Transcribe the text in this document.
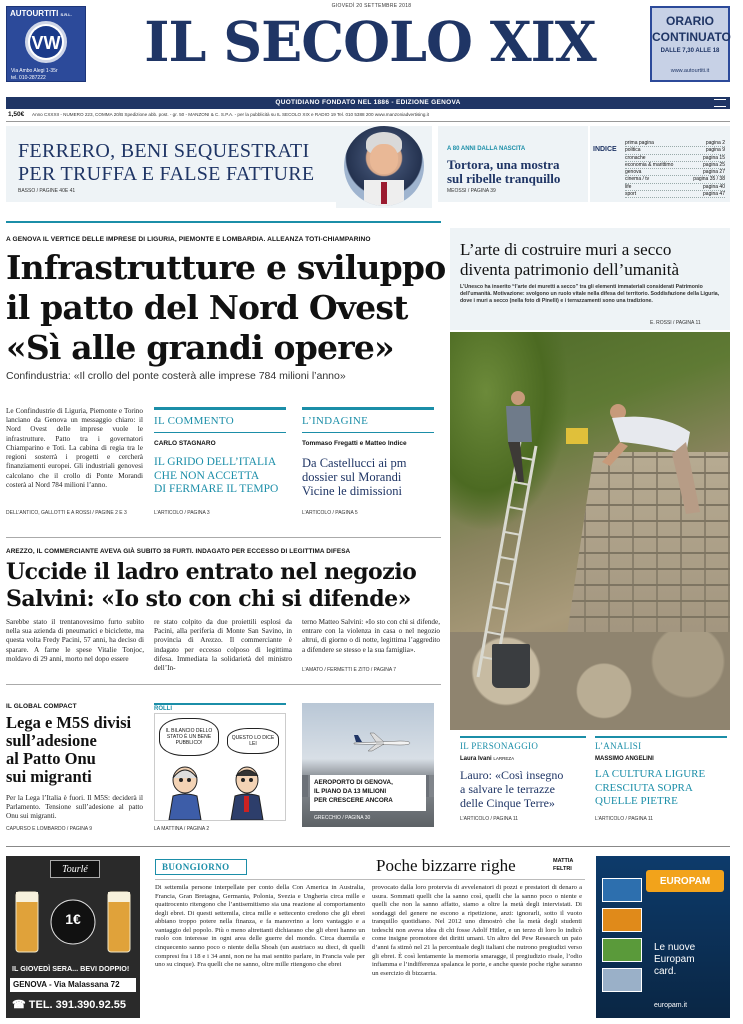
AUTOURTITI S.R.L.
VW
Via Ambo Alegi 1-35r
tel. 010-287222
GIOVEDÌ 20 SETTEMBRE 2018
IL SECOLO XIX	ORARIO
CONTINUATO
DALLE 7,30 ALLE 18
www.autourtiti.it
QUOTIDIANO FONDATO NEL 1886 - EDIZIONE GENOVA
1,50€ Anno CXXXII - NUMERO 223, COMMA 20/B Spedizione abb. post. - gr. 50 - MANZONI & C. S.P.A. - per la pubblicità su IL SECOLO XIX e RADIO 19 Tel. 010 5388 200 www.manzoniadvertising.it
FERRERO, BENI SEQUESTRATI
PER TRUFFA E FALSE FATTURE
BASSO / PAGINE 40E 41
A 80 ANNI DALLA NASCITA
Tortora, una mostra
sul ribelle tranquillo
MEOSSI / PAGINA 39
INDICE
prima pagina	pagina 2
politica	pagina 9
cronache	pagina 15
economia & marittimo	pagina 25
genova	pagina 27
cinema / tv	pagina 35 / 38
life	pagina 40
sport	pagina 47
A GENOVA IL VERTICE DELLE IMPRESE DI LIGURIA, PIEMONTE E LOMBARDIA. ALLEANZA TOTI-CHIAMPARINO
Infrastrutture e sviluppo
il patto del Nord Ovest
«Sì alle grandi opere»
Confindustria: «Il crollo del ponte costerà alle imprese 784 milioni l’anno»
Le Confindustrie di Liguria, Piemonte e Torino lanciano da Genova un messaggio chiaro: il Nord Ovest delle imprese vuole le infrastrutture. Patto tra i governatori Chiamparino e Toti. La cabina di regia tra le regioni sosterrà i progetti e cercherà finanziamenti europei. Gli industriali genovesi calcolano che il crollo di Ponte Morandi costerà al Nord 784 milioni l’anno.
DELL’ANTICO, GALLOTTI E A ROSSI / PAGINE 2 E 3
IL COMMENTO
CARLO STAGNARO
IL GRIDO DELL’ITALIA
CHE NON ACCETTA
DI FERMARE IL TEMPO
L’ARTICOLO / PAGINA 3
L’INDAGINE
Tommaso Fregatti e Matteo Indice
Da Castellucci ai pm
dossier sul Morandi
Vicine le dimissioni
L’ARTICOLO / PAGINA 5
AREZZO, IL COMMERCIANTE AVEVA GIÀ SUBITO 38 FURTI. INDAGATO PER ECCESSO DI LEGITTIMA DIFESA
Uccide il ladro entrato nel negozio
Salvini: «Io sto con chi si difende»
Sarebbe stato il trentanovesimo furto subìto nella sua azienda di pneumatici e biciclette, ma questa volta Fredy Pacini, 57 anni, ha deciso di sparare. A farne le spese Vitalie Tonjoc, moldavo di 29 anni, morto nel dopo essere
re stato colpito da due proiettili esplosi da Pacini, alla periferia di Monte San Savino, in provincia di Arezzo. Il commerciante è indagato per eccesso colposo di legittima difesa. Immediata la solidarietà del ministro dell’In-
terno Matteo Salvini: «Io sto con chi si difende, entrare con la violenza in casa o nel negozio altrui, di giorno o di notte, legittima l’aggredito a difendere se stesso e la sua famiglia».
L’AMATO / FERMETTI E ZITO / PAGINA 7
IL GLOBAL COMPACT
Lega e M5S divisi
sull’adesione
al Patto Onu
sui migranti
Per la Lega l’Italia è fuori. Il M5S: deciderà il Parlamento. Tensione sull’adesione al patto Onu sui migranti.
CAPURSO E LOMBARDO / PAGINA 9
ROLLI
IL BILANCIO DELLO STATO È UN BENE PUBBLICO!
QUESTO LO DICE LEI
LA MATTINA / PAGINA 2
AEROPORTO DI GENOVA,
IL PIANO DA 13 MILIONI
PER CRESCERE ANCORA
GRECCHIO / PAGINA 30
L’arte di costruire muri a secco
diventa patrimonio dell’umanità
L’Unesco ha inserito “l’arte dei muretti a secco” tra gli elementi immateriali considerati Patrimonio dell’umanità. Motivazione: svolgono un ruolo vitale nella difesa del territorio. Soddisfazione della Liguria, dove i muri a secco (nella foto di Pinelli) e i terrazzamenti sono una tradizione.
E. ROSSI / PAGINA 11
IL PERSONAGGIO
Laura Ivani LARREZA
Lauro: «Così insegno
a salvare le terrazze
delle Cinque Terre»
L’ARTICOLO / PAGINA 11
L’ANALISI
MASSIMO ANGELINI
LA CULTURA LIGURE
CRESCIUTA SOPRA
QUELLE PIETRE
L’ARTICOLO / PAGINA 11
Tourlé
1€
IL GIOVEDÌ SERA... BEVI DOPPIO!
GENOVA - Via Malassana 72
☎ TEL. 391.390.92.55
BUONGIORNO	Poche bizzarre righe	MATTIA
FELTRI
Di settemila persone interpellate per conto della Con America in Australia, Francia, Gran Bretagna, Germania, Polonia, Svezia e Ungheria circa mille e quattrocento ritengono che l’antisemitismo sia una reazione al comportamento degli ebrei. Di questi settemila, circa mille e settecento credono che gli ebrei abbiano troppo potere nella finanza, e fa manovrino a loro vantaggio e a vantaggio del popolo. Più o meno altrettanti dichiarano che gli ebrei hanno un ruolo con interesse in ogni area delle guerre del mondo. Circa duemila e cinquecento sanno poco o niente della Shoah (un austriaco su dieci, di quelli compresi fra i 18 e i 34 anni, non ne ha mai sentito parlare, in Francia vale per uno su cinque). Fra quelli che ne sanno, oltre mille ritengono che ebrei
provocato dalla loro protervia di avvelenatori di pozzi e prestatori di denaro a usura. Sommati quelli che la sanno così, quelli che la sanno poco o niente e quelli che non la sanno affatto, siamo a oltre la metà degli intervistati. Di sondaggi del genere ne escono a ripetizione, anzi: ignorarli, sotto il vuoto tranquillo quotidiano. Nel 2012 uno dimostrò che la metà degli studenti tedeschi non aveva idea di chi fosse Adolf Hitler, e un terzo di loro lo indicò come insigne promotore dei diritti umani. Un altro del Pew Research un paio d’anni fa stimò nel 21 la percentuale degli italiani che nutrono pregiudizi verso gli ebrei. È così lentamente la memoria smaragge, il pregiudizio risale, l’odio infiamma e l’indifferenza spalanca le porte, e anche queste poche righe saranno un esercizio di bizzarria.
EUROPAM
Le nuove
Europam
card.
europam.it
